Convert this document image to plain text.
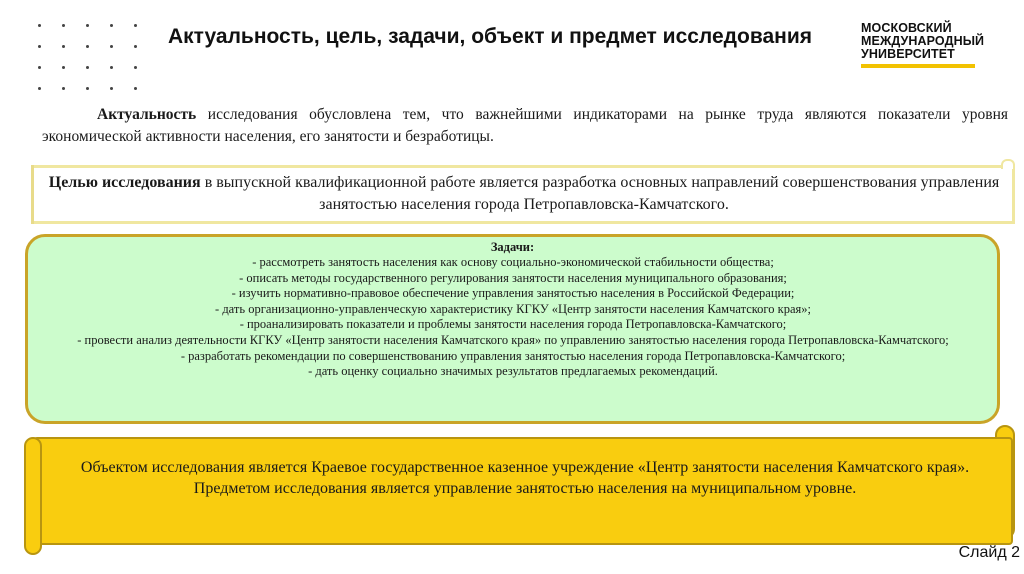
Актуальность, цель, задачи, объект и предмет исследования	МОСКОВСКИЙ
МЕЖДУНАРОДНЫЙ
УНИВЕРСИТЕТ

Актуальность исследования обусловлена тем, что важнейшими индикаторами на рынке труда являются показатели уровня экономической активности населения, его занятости и безработицы.

Целью исследования в выпускной квалификационной работе является разработка основных направлений совершенствования управления занятостью населения города Петропавловска-Камчатского.

Задачи:
- рассмотреть занятость населения как основу социально-экономической стабильности общества;
- описать методы государственного регулирования занятости населения муниципального образования;
- изучить нормативно-правовое обеспечение управления занятостью населения в Российской Федерации;
- дать организационно-управленческую характеристику КГКУ «Центр занятости населения Камчатского края»;
- проанализировать показатели и проблемы занятости населения города Петропавловска-Камчатского;
- провести анализ деятельности КГКУ «Центр занятости населения Камчатского края» по управлению занятостью населения города Петропавловска-Камчатского;
- разработать рекомендации по совершенствованию управления занятостью населения города Петропавловска-Камчатского;
- дать оценку социально значимых результатов предлагаемых рекомендаций.
Объектом исследования является Краевое государственное казенное учреждение «Центр занятости населения Камчатского края».
Предметом исследования является управление занятостью населения на муниципальном уровне.
Слайд 2
